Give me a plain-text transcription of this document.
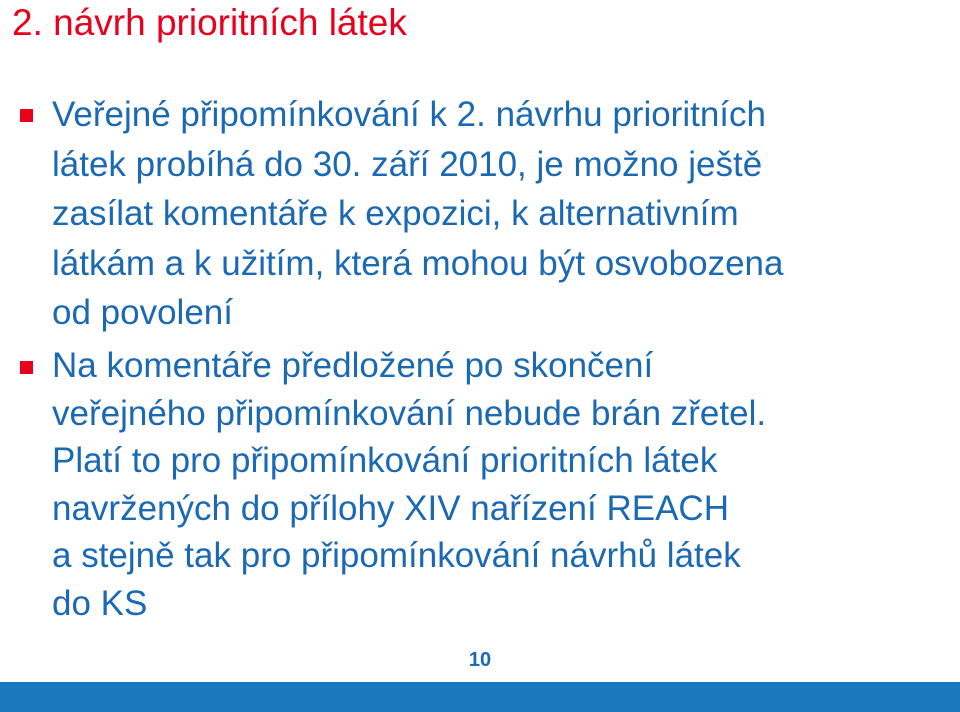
2. návrh prioritních látek

Veřejné připomínkování k 2. návrhu prioritních
látek probíhá do 30. září 2010, je možno ještě
zasílat komentáře k expozici, k alternativním
látkám a k užitím, která mohou být osvobozena
od povolení

Na komentáře předložené po skončení
veřejného připomínkování nebude brán zřetel.
Platí to pro připomínkování prioritních látek
navržených do přílohy XIV nařízení REACH
a stejně tak pro připomínkování návrhů látek
do KS

10
